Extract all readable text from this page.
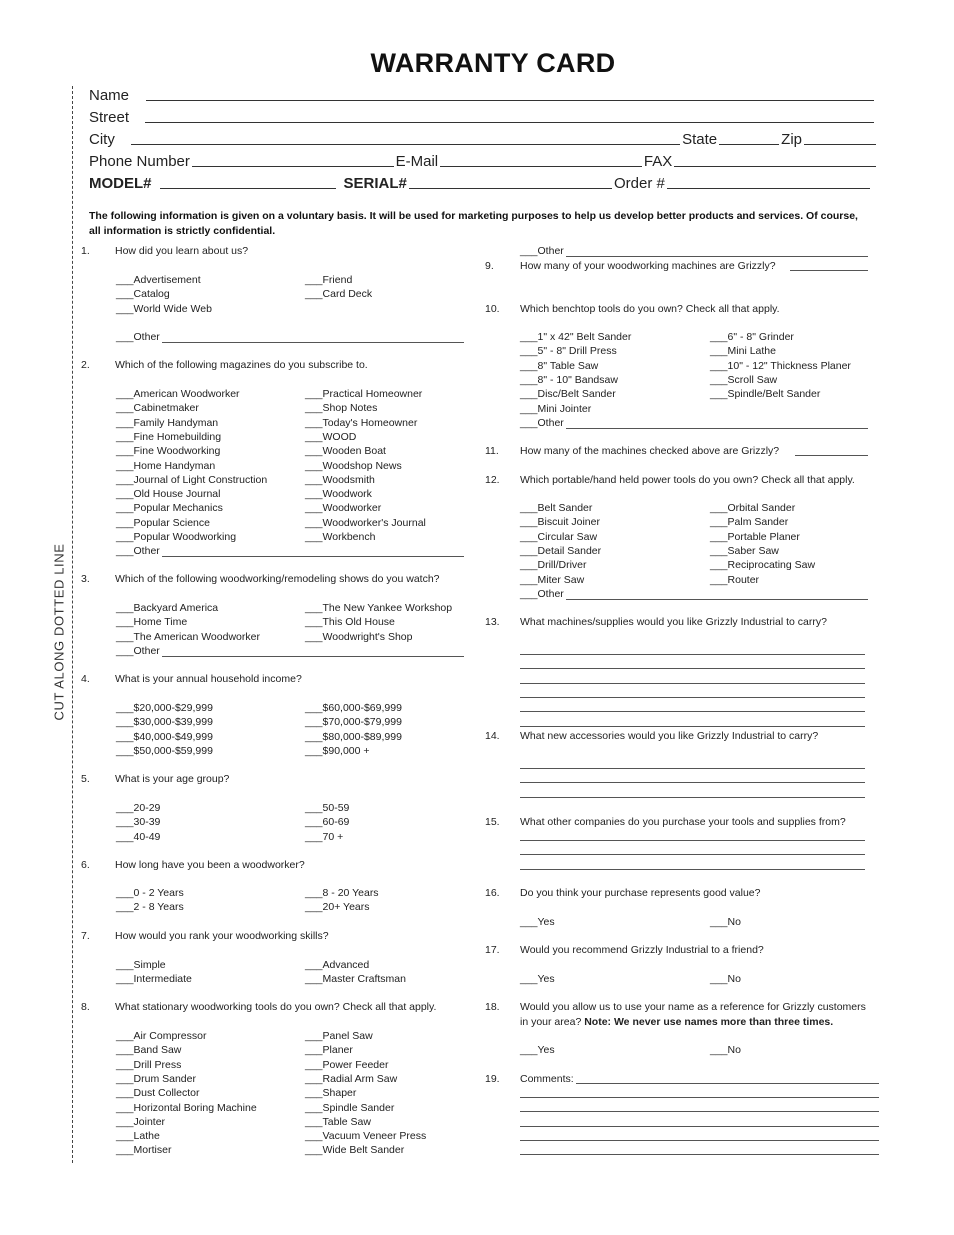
CUT ALONG DOTTED LINE
WARRANTY CARD
Name
Street
City	State	Zip
Phone Number	E-Mail	FAX
MODEL#	SERIAL#	Order #
The following information is given on a voluntary basis. It will be used for marketing purposes to help us develop better products and services. Of course, all information is strictly confidential.
1. How did you learn about us?
___Advertisement
___Catalog
___World Wide Web
___Friend
___Card Deck
___Other
2. Which of the following magazines do you subscribe to.
___American Woodworker
___Cabinetmaker
___Family Handyman
___Fine Homebuilding
___Fine Woodworking
___Home Handyman
___Journal of Light Construction
___Old House Journal
___Popular Mechanics
___Popular Science
___Popular Woodworking
___Practical Homeowner
___Shop Notes
___Today's Homeowner
___WOOD
___Wooden Boat
___Woodshop News
___Woodsmith
___Woodwork
___Woodworker
___Woodworker's Journal
___Workbench
___Other
3. Which of the following woodworking/remodeling shows do you watch?
___Backyard America
___Home Time
___The American Woodworker
___The New Yankee Workshop
___This Old House
___Woodwright's Shop
___Other
4. What is your annual household income?
___$20,000-$29,999
___$30,000-$39,999
___$40,000-$49,999
___$50,000-$59,999
___$60,000-$69,999
___$70,000-$79,999
___$80,000-$89,999
___$90,000 +
5. What is your age group?
___20-29
___30-39
___40-49
___50-59
___60-69
___70 +
6. How long have you been a woodworker?
___0 - 2 Years
___2 - 8 Years
___8 - 20 Years
___20+ Years
7. How would you rank your woodworking skills?
___Simple
___Intermediate
___Advanced
___Master Craftsman
8. What stationary woodworking tools do you own? Check all that apply.
___Air Compressor
___Band Saw
___Drill Press
___Drum Sander
___Dust Collector
___Horizontal Boring Machine
___Jointer
___Lathe
___Mortiser
___Panel Saw
___Planer
___Power Feeder
___Radial Arm Saw
___Shaper
___Spindle Sander
___Table Saw
___Vacuum Veneer Press
___Wide Belt Sander
___Other
9. How many of your woodworking machines are Grizzly?
10. Which benchtop tools do you own? Check all that apply.
___1" x 42" Belt Sander
___5" - 8" Drill Press
___8" Table Saw
___8" - 10" Bandsaw
___Disc/Belt Sander
___Mini Jointer
___6" - 8" Grinder
___Mini Lathe
___10" - 12" Thickness Planer
___Scroll Saw
___Spindle/Belt Sander
___Other
11. How many of the machines checked above are Grizzly?
12. Which portable/hand held power tools do you own? Check all that apply.
___Belt Sander
___Biscuit Joiner
___Circular Saw
___Detail Sander
___Drill/Driver
___Miter Saw
___Orbital Sander
___Palm Sander
___Portable Planer
___Saber Saw
___Reciprocating Saw
___Router
___Other
13. What machines/supplies would you like Grizzly Industrial to carry?
14. What new accessories would you like Grizzly Industrial to carry?
15. What other companies do you purchase your tools and supplies from?
16. Do you think your purchase represents good value?
___Yes	___No
17. Would you recommend Grizzly Industrial to a friend?
___Yes	___No
18. Would you allow us to use your name as a reference for Grizzly customers
in your area? Note: We never use names more than three times.
___Yes	___No
19. Comments:
